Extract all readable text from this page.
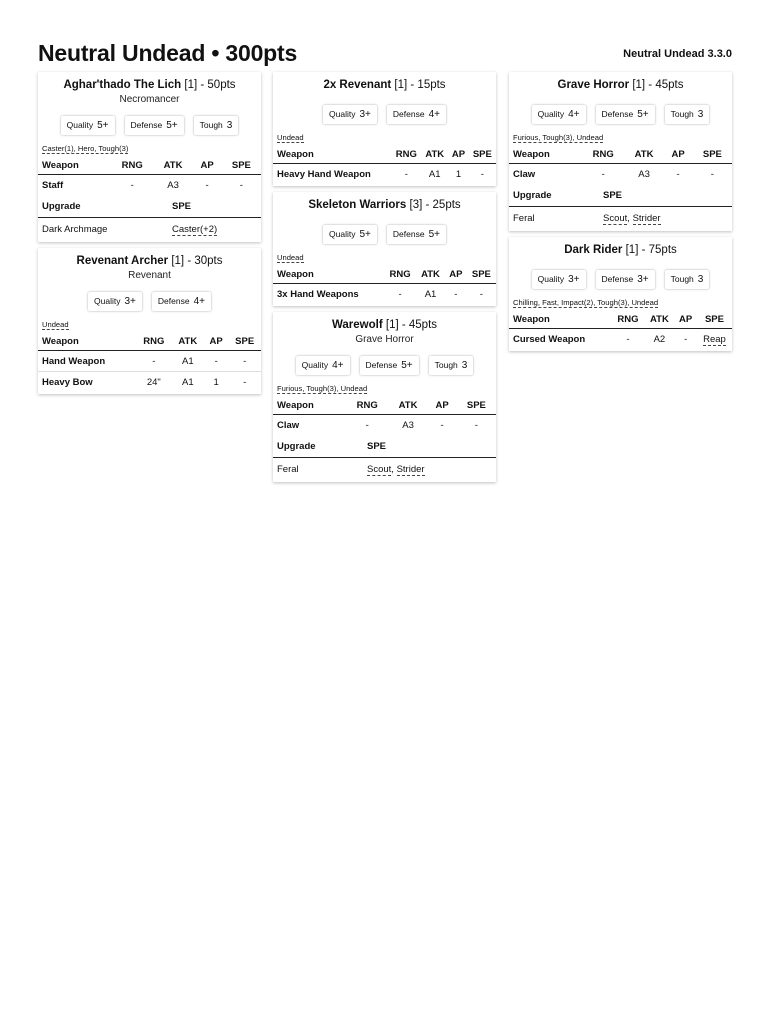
Neutral Undead • 300pts	Neutral Undead 3.3.0
Aghar'thado The Lich [1] - 50pts
Necromancer
Quality 5+	Defense 5+	Tough 3
Caster(1), Hero, Tough(3)
Weapon	RNG	ATK	AP	SPE
Staff	-	A3	-	-
Upgrade	SPE
Dark Archmage	Caster(+2)
Revenant Archer [1] - 30pts
Revenant
Quality 3+	Defense 4+
Undead
Weapon	RNG	ATK	AP	SPE
Hand Weapon	-	A1	-	-
Heavy Bow	24"	A1	1	-
2x Revenant [1] - 15pts
Quality 3+	Defense 4+
Undead
Weapon	RNG	ATK	AP	SPE
Heavy Hand Weapon	-	A1	1	-
Skeleton Warriors [3] - 25pts
Quality 5+	Defense 5+
Undead
Weapon	RNG	ATK	AP	SPE
3x Hand Weapons	-	A1	-	-
Warewolf [1] - 45pts
Grave Horror
Quality 4+	Defense 5+	Tough 3
Furious, Tough(3), Undead
Weapon	RNG	ATK	AP	SPE
Claw	-	A3	-	-
Upgrade	SPE
Feral	Scout, Strider
Grave Horror [1] - 45pts
Quality 4+	Defense 5+	Tough 3
Furious, Tough(3), Undead
Weapon	RNG	ATK	AP	SPE
Claw	-	A3	-	-
Upgrade	SPE
Feral	Scout, Strider
Dark Rider [1] - 75pts
Quality 3+	Defense 3+	Tough 3
Chilling, Fast, Impact(2), Tough(3), Undead
Weapon	RNG	ATK	AP	SPE
Cursed Weapon	-	A2	-	Reap
